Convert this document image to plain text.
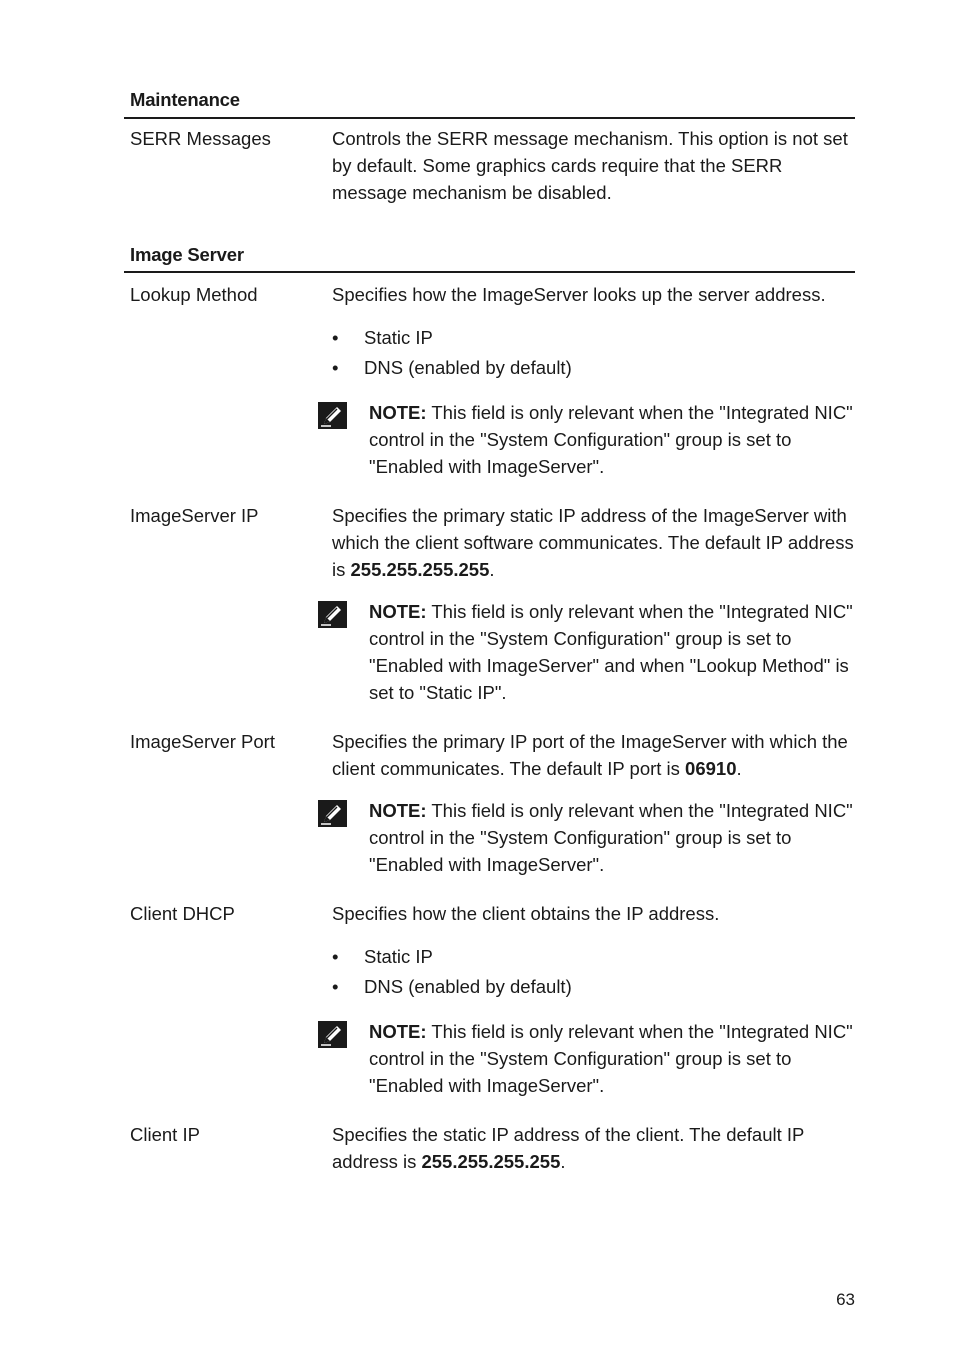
Maintenance
SERR Messages	Controls the SERR message mechanism. This option is not set by default. Some graphics cards require that the SERR message mechanism be disabled.
Image Server
Lookup Method	Specifies how the ImageServer looks up the server address.
• Static IP
• DNS (enabled by default)
NOTE: This field is only relevant when the "Integrated NIC" control in the "System Configuration" group is set to "Enabled with ImageServer".
ImageServer IP	Specifies the primary static IP address of the ImageServer with which the client software communicates. The default IP address is 255.255.255.255.
NOTE: This field is only relevant when the "Integrated NIC" control in the "System Configuration" group is set to "Enabled with ImageServer" and when "Lookup Method" is set to "Static IP".
ImageServer Port	Specifies the primary IP port of the ImageServer with which the client communicates. The default IP port is 06910.
NOTE: This field is only relevant when the "Integrated NIC" control in the "System Configuration" group is set to "Enabled with ImageServer".
Client DHCP	Specifies how the client obtains the IP address.
• Static IP
• DNS (enabled by default)
NOTE: This field is only relevant when the "Integrated NIC" control in the "System Configuration" group is set to "Enabled with ImageServer".
Client IP	Specifies the static IP address of the client. The default IP address is 255.255.255.255.
63
